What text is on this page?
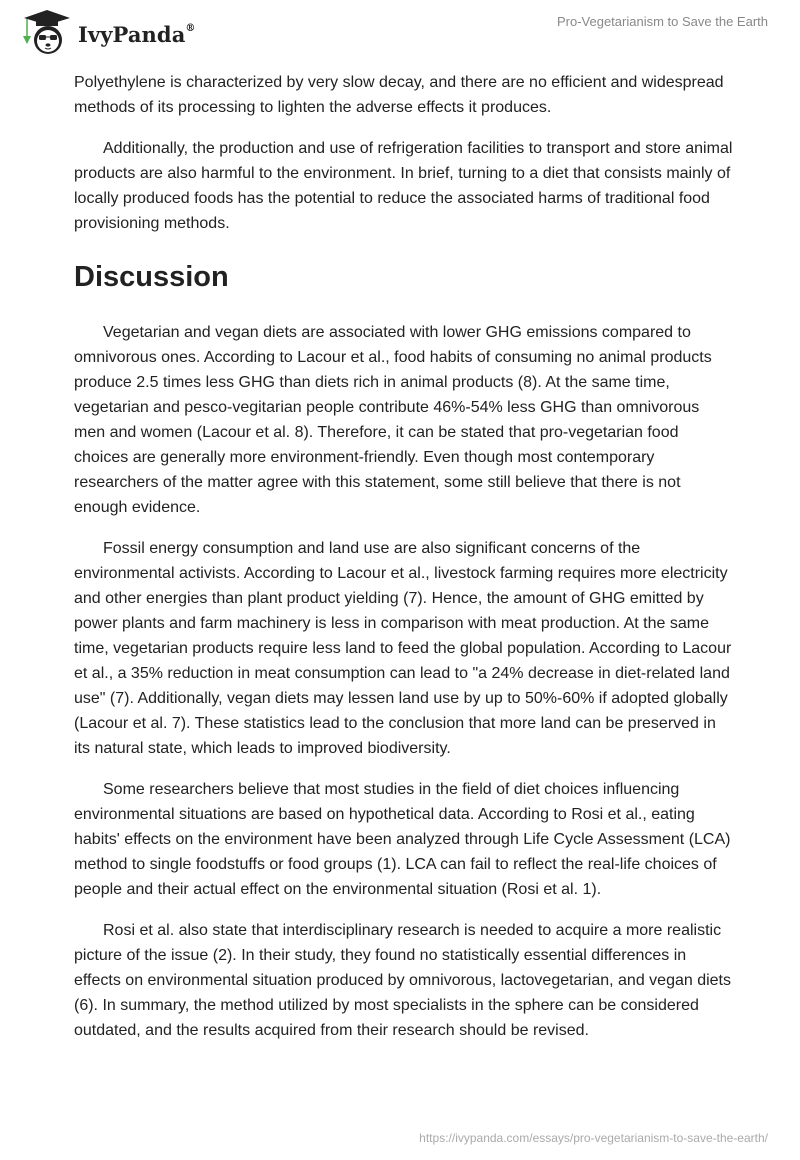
IvyPanda®	Pro-Vegetarianism to Save the Earth

Polyethylene is characterized by very slow decay, and there are no efficient and widespread methods of its processing to lighten the adverse effects it produces.

Additionally, the production and use of refrigeration facilities to transport and store animal products are also harmful to the environment. In brief, turning to a diet that consists mainly of locally produced foods has the potential to reduce the associated harms of traditional food provisioning methods.

Discussion

Vegetarian and vegan diets are associated with lower GHG emissions compared to omnivorous ones. According to Lacour et al., food habits of consuming no animal products produce 2.5 times less GHG than diets rich in animal products (8). At the same time, vegetarian and pesco-vegitarian people contribute 46%-54% less GHG than omnivorous men and women (Lacour et al. 8). Therefore, it can be stated that pro-vegetarian food choices are generally more environment-friendly. Even though most contemporary researchers of the matter agree with this statement, some still believe that there is not enough evidence.

Fossil energy consumption and land use are also significant concerns of the environmental activists. According to Lacour et al., livestock farming requires more electricity and other energies than plant product yielding (7). Hence, the amount of GHG emitted by power plants and farm machinery is less in comparison with meat production. At the same time, vegetarian products require less land to feed the global population. According to Lacour et al., a 35% reduction in meat consumption can lead to "a 24% decrease in diet-related land use" (7). Additionally, vegan diets may lessen land use by up to 50%-60% if adopted globally (Lacour et al. 7). These statistics lead to the conclusion that more land can be preserved in its natural state, which leads to improved biodiversity.

Some researchers believe that most studies in the field of diet choices influencing environmental situations are based on hypothetical data. According to Rosi et al., eating habits' effects on the environment have been analyzed through Life Cycle Assessment (LCA) method to single foodstuffs or food groups (1). LCA can fail to reflect the real-life choices of people and their actual effect on the environmental situation (Rosi et al. 1).

Rosi et al. also state that interdisciplinary research is needed to acquire a more realistic picture of the issue (2). In their study, they found no statistically essential differences in effects on environmental situation produced by omnivorous, lactovegetarian, and vegan diets (6). In summary, the method utilized by most specialists in the sphere can be considered outdated, and the results acquired from their research should be revised.

https://ivypanda.com/essays/pro-vegetarianism-to-save-the-earth/
